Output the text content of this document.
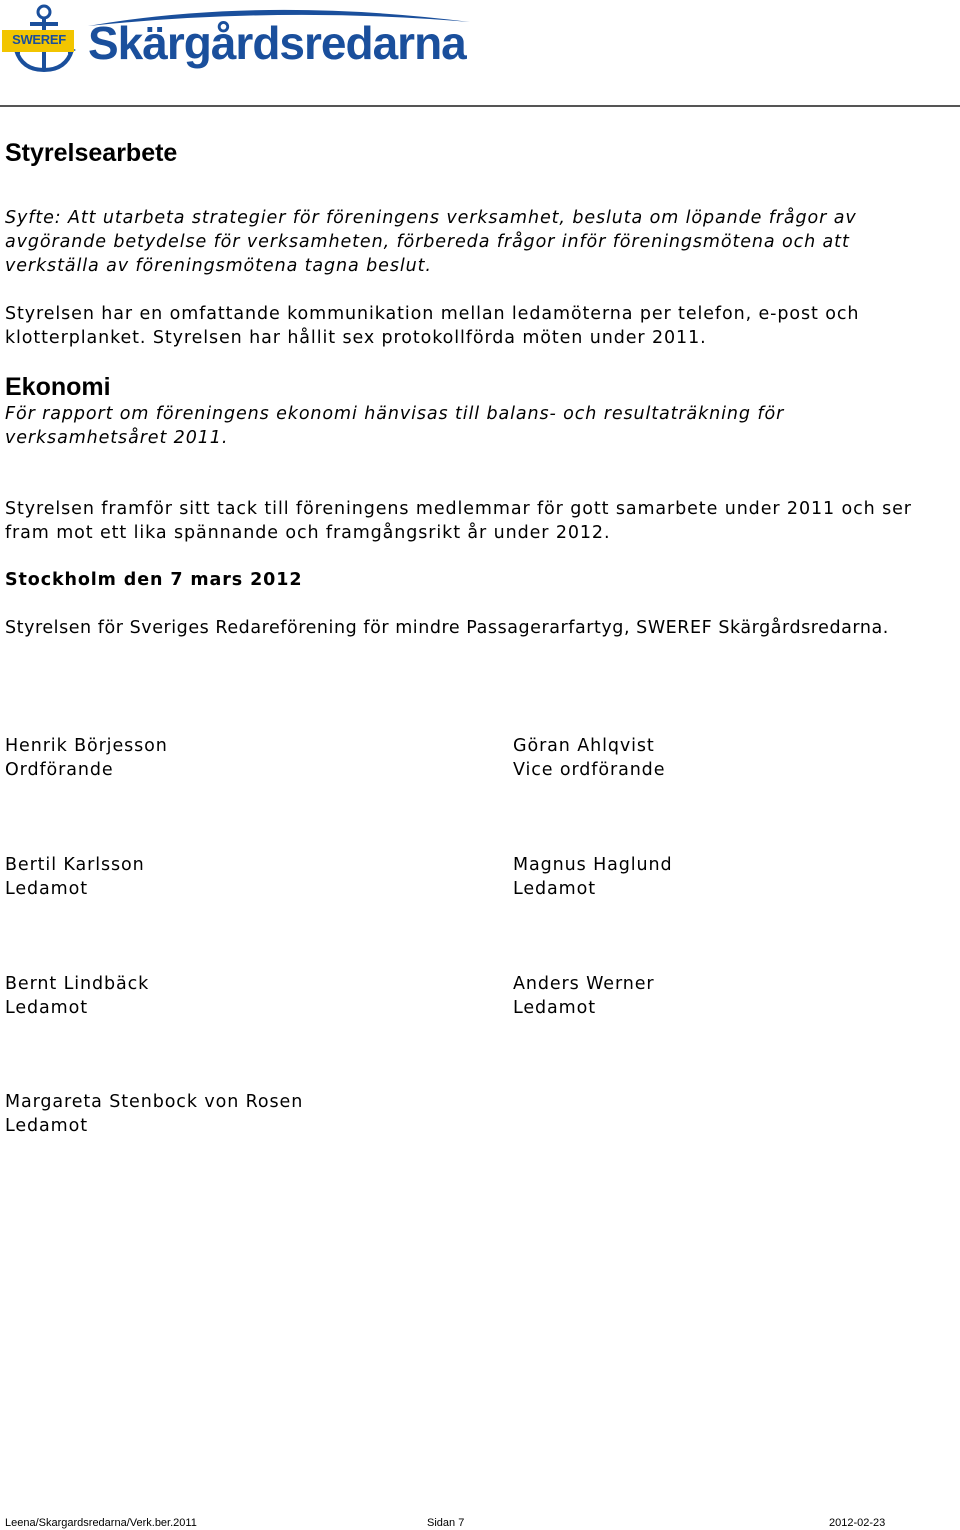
SWEREF Skärgårdsredarna
Styrelsearbete

Syfte: Att utarbeta strategier för föreningens verksamhet, besluta om löpande frågor av avgörande betydelse för verksamheten, förbereda frågor inför föreningsmötena och att verkställa av föreningsmötena tagna beslut.

Styrelsen har en omfattande kommunikation mellan ledamöterna per telefon, e-post och klotterplanket. Styrelsen har hållit sex protokollförda möten under 2011.

Ekonomi

För rapport om föreningens ekonomi hänvisas till balans- och resultaträkning för verksamhetsåret 2011.

Styrelsen framför sitt tack till föreningens medlemmar för gott samarbete under 2011 och ser fram mot ett lika spännande och framgångsrikt år under 2012.

Stockholm den 7 mars 2012

Styrelsen för Sveriges Redareförening för mindre Passagerarfartyg, SWEREF Skärgårdsredarna.

Henrik Börjesson
Ordförande
Göran Ahlqvist
Vice ordförande
Bertil Karlsson
Ledamot
Magnus Haglund
Ledamot
Bernt Lindbäck
Ledamot
Anders Werner
Ledamot
Margareta Stenbock von Rosen
Ledamot
Leena/Skargardsredarna/Verk.ber.2011	Sidan 7	2012-02-23
